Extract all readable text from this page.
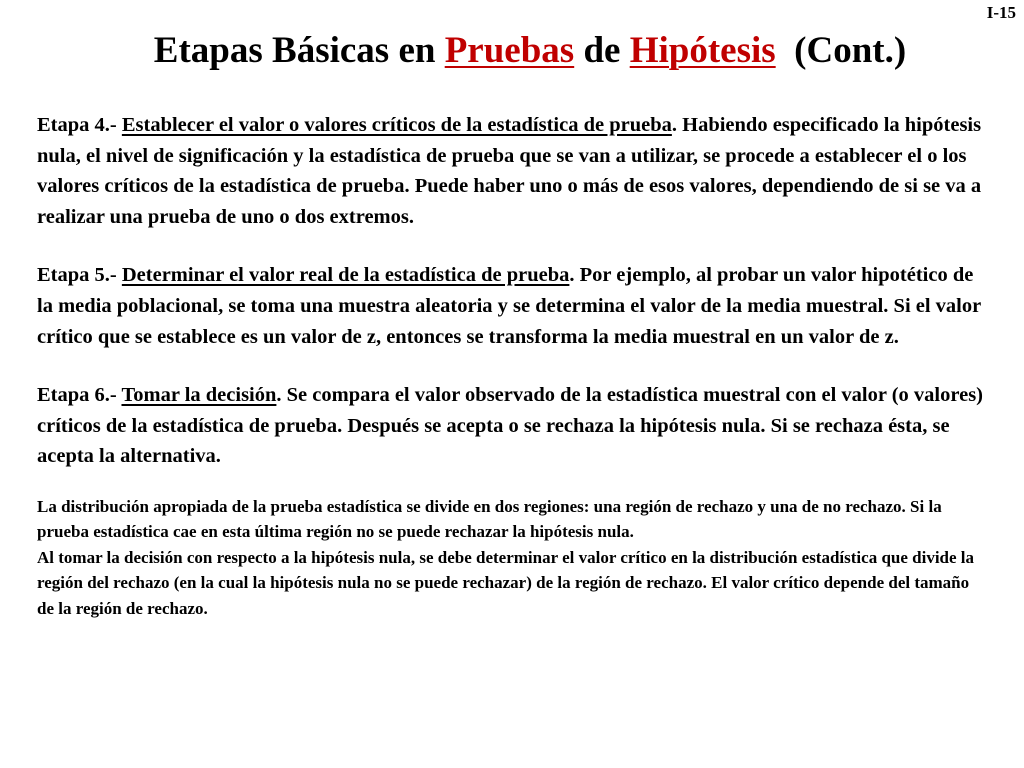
I-15
Etapas Básicas en Pruebas de Hipótesis  (Cont.)

Etapa 4.- Establecer el valor o valores críticos de la estadística de prueba. Habiendo especificado la hipótesis nula, el nivel de significación y la estadística de prueba que se van a utilizar, se procede a establecer el o los valores críticos de la estadística de prueba. Puede haber uno o más de esos valores, dependiendo de si se va a realizar una prueba de uno o dos extremos.

Etapa 5.- Determinar el valor real de la estadística de prueba. Por ejemplo, al probar un valor hipotético de la media poblacional, se toma una muestra aleatoria y se determina el valor de la media muestral. Si el valor crítico que se establece es un valor de z, entonces se transforma la media muestral en un valor de z.

Etapa 6.- Tomar la decisión. Se compara el valor observado de la estadística muestral con el valor (o valores) críticos de la estadística de prueba. Después se acepta o se rechaza la hipótesis nula. Si se rechaza ésta, se acepta la alternativa.

La distribución apropiada de la prueba estadística se divide en dos regiones: una región de rechazo y una de no rechazo. Si la prueba estadística cae en esta última región no se puede rechazar la hipótesis nula.

Al tomar la decisión con respecto a la hipótesis nula, se debe determinar el valor crítico en la distribución estadística que divide la región del rechazo (en la cual la hipótesis nula no se puede rechazar) de la región de rechazo. El valor crítico depende del tamaño de la región de rechazo.
